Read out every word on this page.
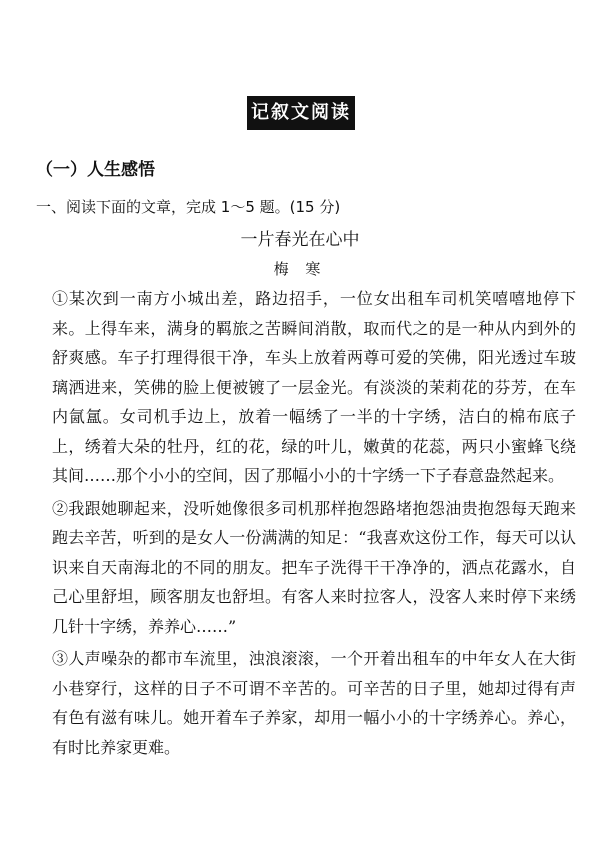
记叙文阅读
（一）人生感悟
一、阅读下面的文章，完成 1～5 题。(15 分)
一片春光在心中
梅 寒

①某次到一南方小城出差，路边招手，一位女出租车司机笑嘻嘻地停下来。上得车来，满身的羁旅之苦瞬间消散，取而代之的是一种从内到外的舒爽感。车子打理得很干净，车头上放着两尊可爱的笑佛，阳光透过车玻璃洒进来，笑佛的脸上便被镀了一层金光。有淡淡的茉莉花的芬芳，在车内氤氲。女司机手边上，放着一幅绣了一半的十字绣，洁白的棉布底子上，绣着大朵的牡丹，红的花，绿的叶儿，嫩黄的花蕊，两只小蜜蜂飞绕其间……那个小小的空间，因了那幅小小的十字绣一下子春意盎然起来。

②我跟她聊起来，没听她像很多司机那样抱怨路堵抱怨油贵抱怨每天跑来跑去辛苦，听到的是女人一份满满的知足：“我喜欢这份工作，每天可以认识来自天南海北的不同的朋友。把车子洗得干干净净的，洒点花露水，自己心里舒坦，顾客朋友也舒坦。有客人来时拉客人，没客人来时停下来绣几针十字绣，养养心……”

③人声噪杂的都市车流里，浊浪滚滚，一个开着出租车的中年女人在大街小巷穿行，这样的日子不可谓不辛苦的。可辛苦的日子里，她却过得有声有色有滋有味儿。她开着车子养家，却用一幅小小的十字绣养心。养心，有时比养家更难。
